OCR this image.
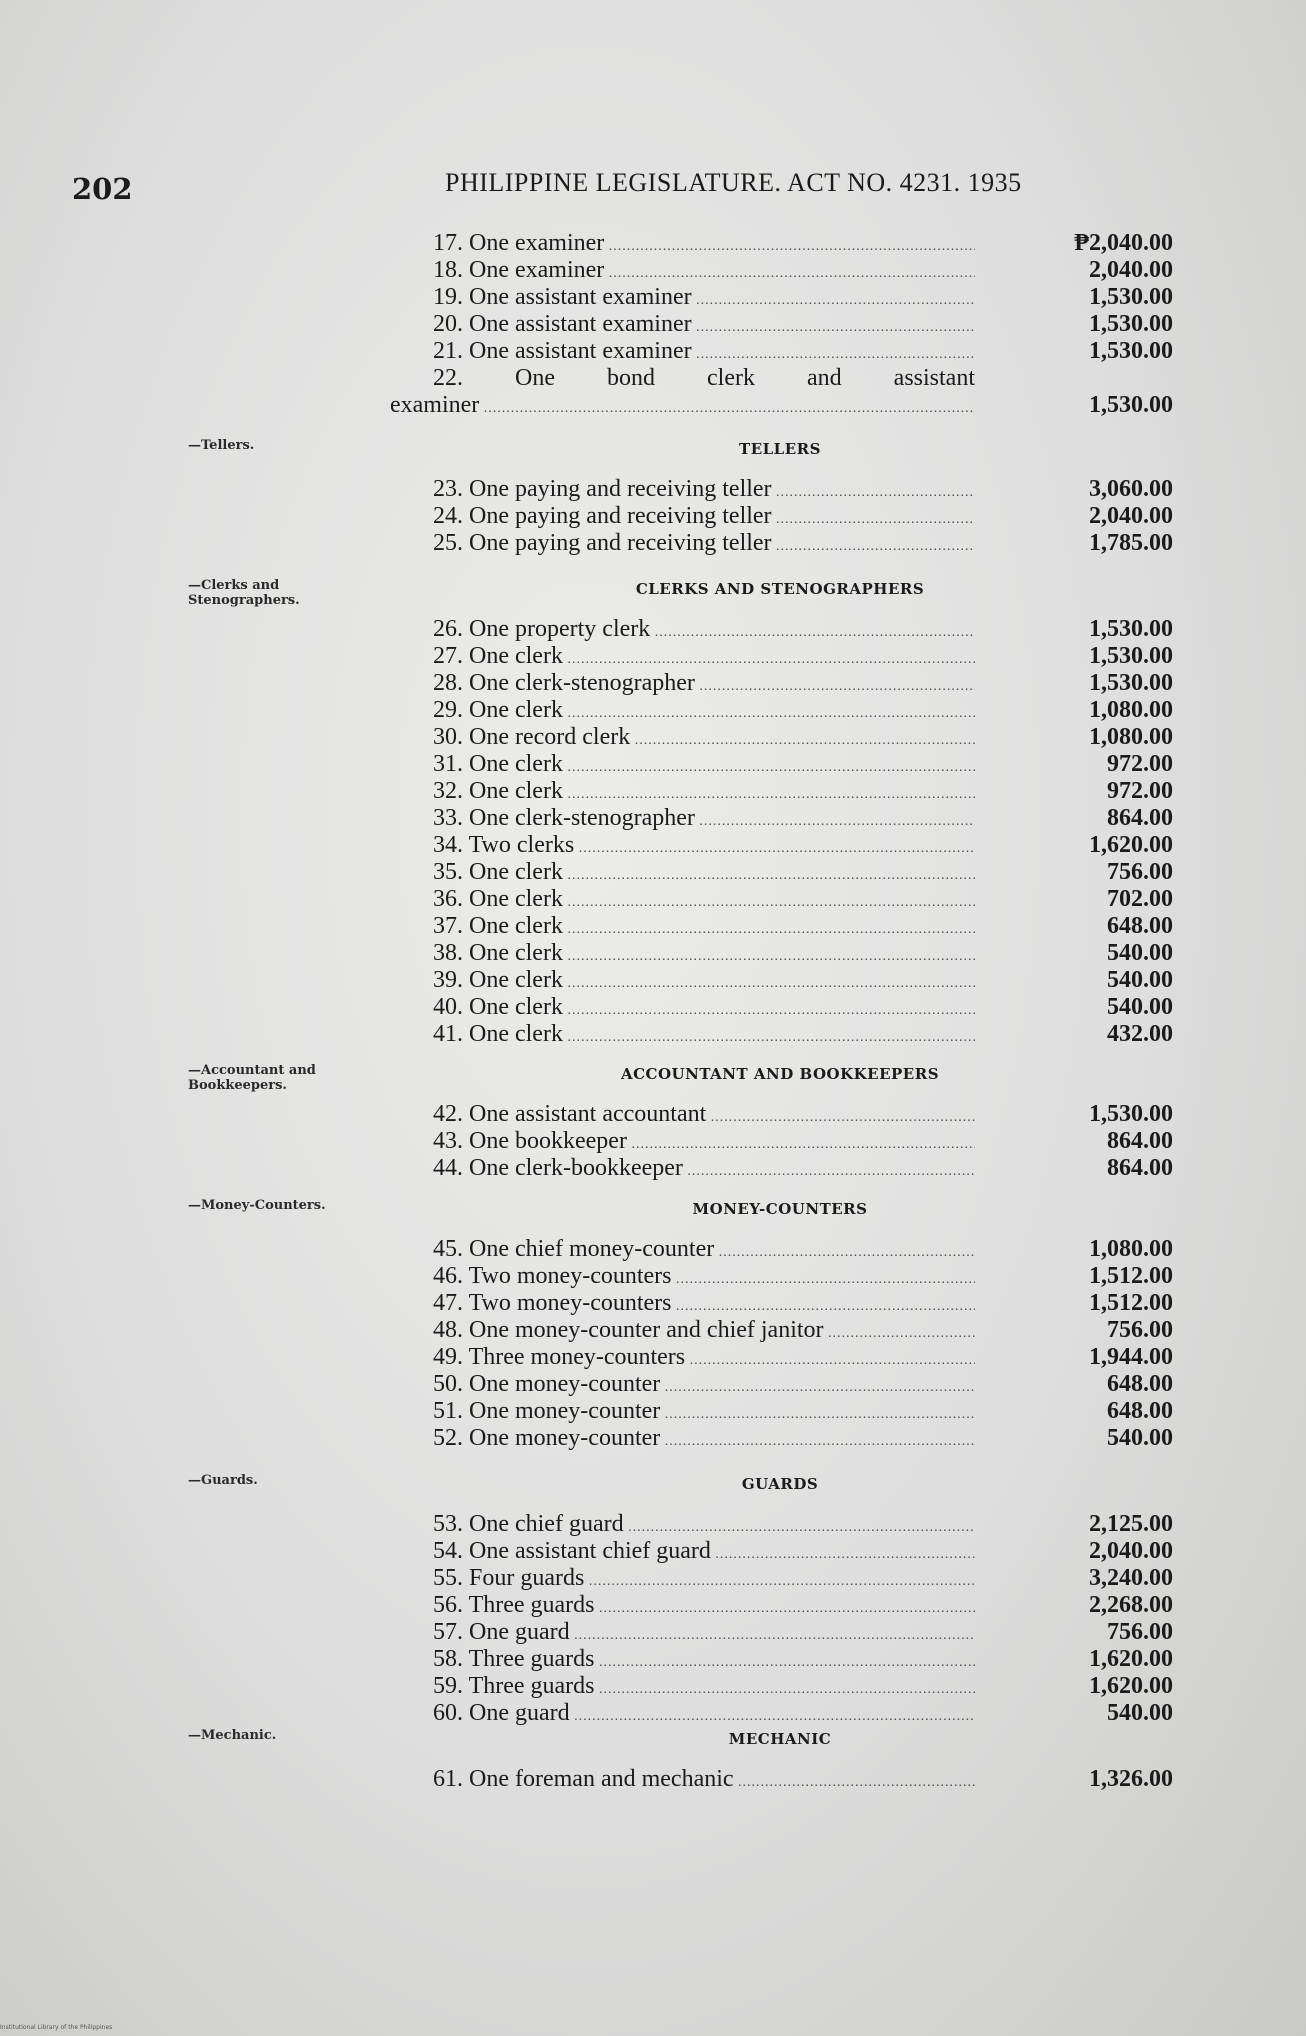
202	PHILIPPINE LEGISLATURE. ACT NO. 4231. 1935
17. One examiner .....	₱2,040.00
18. One examiner .....	2,040.00
19. One assistant examiner .....	1,530.00
20. One assistant examiner .....	1,530.00
21. One assistant examiner .....	1,530.00
22. One bond clerk and assistant
examiner .....	1,530.00
—Tellers.	TELLERS
23. One paying and receiving teller .....	3,060.00
24. One paying and receiving teller .....	2,040.00
25. One paying and receiving teller .....	1,785.00
—Clerks and Stenographers.
CLERKS AND STENOGRAPHERS
26. One property clerk .....	1,530.00
27. One clerk .....	1,530.00
28. One clerk-stenographer .....	1,530.00
29. One clerk .....	1,080.00
30. One record clerk .....	1,080.00
31. One clerk .....	972.00
32. One clerk .....	972.00
33. One clerk-stenographer .....	864.00
34. Two clerks .....	1,620.00
35. One clerk .....	756.00
36. One clerk .....	702.00
37. One clerk .....	648.00
38. One clerk .....	540.00
39. One clerk .....	540.00
40. One clerk .....	540.00
41. One clerk .....	432.00
—Accountant and Bookkeepers.
ACCOUNTANT AND BOOKKEEPERS
42. One assistant accountant .....	1,530.00
43. One bookkeeper .....	864.00
44. One clerk-bookkeeper .....	864.00
—Money-Counters.	MONEY-COUNTERS
45. One chief money-counter .....	1,080.00
46. Two money-counters .....	1,512.00
47. Two money-counters .....	1,512.00
48. One money-counter and chief janitor .....	756.00
49. Three money-counters .....	1,944.00
50. One money-counter .....	648.00
51. One money-counter .....	648.00
52. One money-counter .....	540.00
—Guards.	GUARDS
53. One chief guard .....	2,125.00
54. One assistant chief guard .....	2,040.00
55. Four guards .....	3,240.00
56. Three guards .....	2,268.00
57. One guard .....	756.00
58. Three guards .....	1,620.00
59. Three guards .....	1,620.00
60. One guard .....	540.00
—Mechanic.	MECHANIC
61. One foreman and mechanic .....	1,326.00
Institutional Library of the Philippines
